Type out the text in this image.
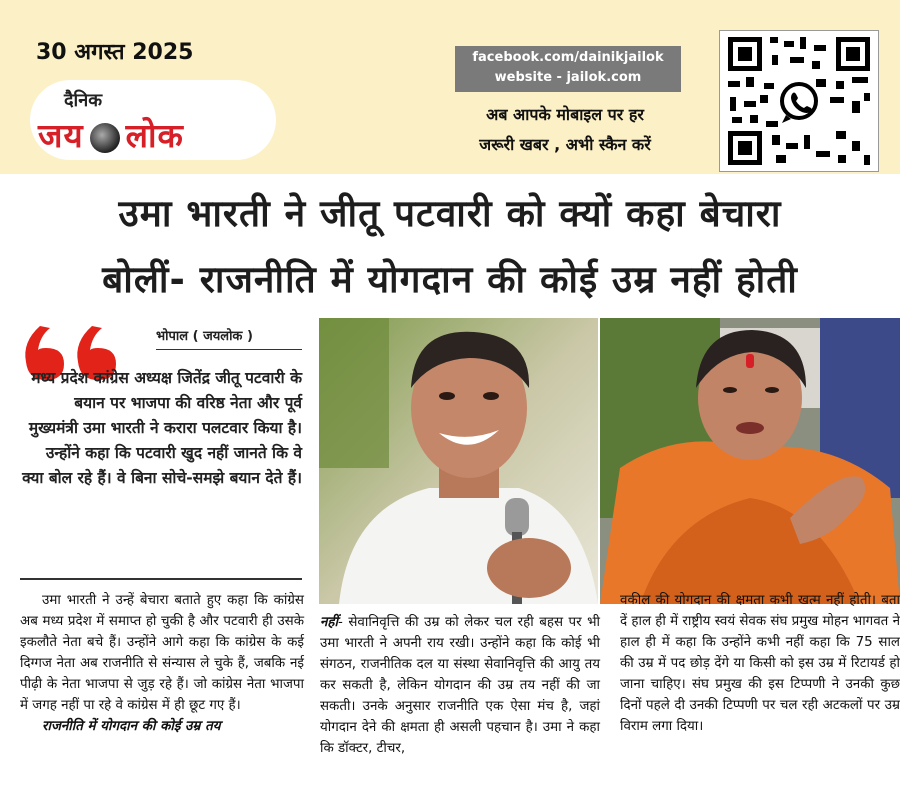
30 अगस्त 2025
दैनिक
जय लोक
facebook.com/dainikjailok
website - jailok.com
अब आपके मोबाइल पर हर
जरूरी खबर , अभी स्कैन करें
उमा भारती ने जीतू पटवारी को क्यों कहा बेचारा
बोलीं- राजनीति में योगदान की कोई उम्र नहीं होती
भोपाल ( जयलोक )
मध्य प्रदेश कांग्रेस अध्यक्ष जितेंद्र जीतू पटवारी के बयान पर भाजपा की वरिष्ठ नेता और पूर्व मुख्यमंत्री उमा भारती ने करारा पलटवार किया है। उन्होंने कहा कि पटवारी खुद नहीं जानते कि वे क्या बोल रहे हैं। वे बिना सोचे-समझे बयान देते हैं।
उमा भारती ने उन्हें बेचारा बताते हुए कहा कि कांग्रेस अब मध्य प्रदेश में समाप्त हो चुकी है और पटवारी ही उसके इकलौते नेता बचे हैं। उन्होंने आगे कहा कि कांग्रेस के कई दिग्गज नेता अब राजनीति से संन्यास ले चुके हैं, जबकि नई पीढ़ी के नेता भाजपा से जुड़ रहे हैं। जो कांग्रेस नेता भाजपा में जगह नहीं पा रहे वे कांग्रेस में ही छूट गए हैं।
राजनीति में योगदान की कोई उम्र तय
नहीं- सेवानिवृत्ति की उम्र को लेकर चल रही बहस पर भी उमा भारती ने अपनी राय रखी। उन्होंने कहा कि कोई भी संगठन, राजनीतिक दल या संस्था सेवानिवृत्ति की आयु तय कर सकती है, लेकिन योगदान की उम्र तय नहीं की जा सकती। उनके अनुसार राजनीति एक ऐसा मंच है, जहां योगदान देने की क्षमता ही असली पहचान है। उमा ने कहा कि डॉक्टर, टीचर,
वकील की योगदान की क्षमता कभी खत्म नहीं होती। बता दें हाल ही में राष्ट्रीय स्वयं सेवक संघ प्रमुख मोहन भागवत ने हाल ही में कहा कि उन्होंने कभी नहीं कहा कि 75 साल की उम्र में पद छोड़ देंगे या किसी को इस उम्र में रिटायर्ड हो जाना चाहिए। संघ प्रमुख की इस टिप्पणी ने उनकी कुछ दिनों पहले दी उनकी टिप्पणी पर चल रही अटकलों पर उम्र विराम लगा दिया।
